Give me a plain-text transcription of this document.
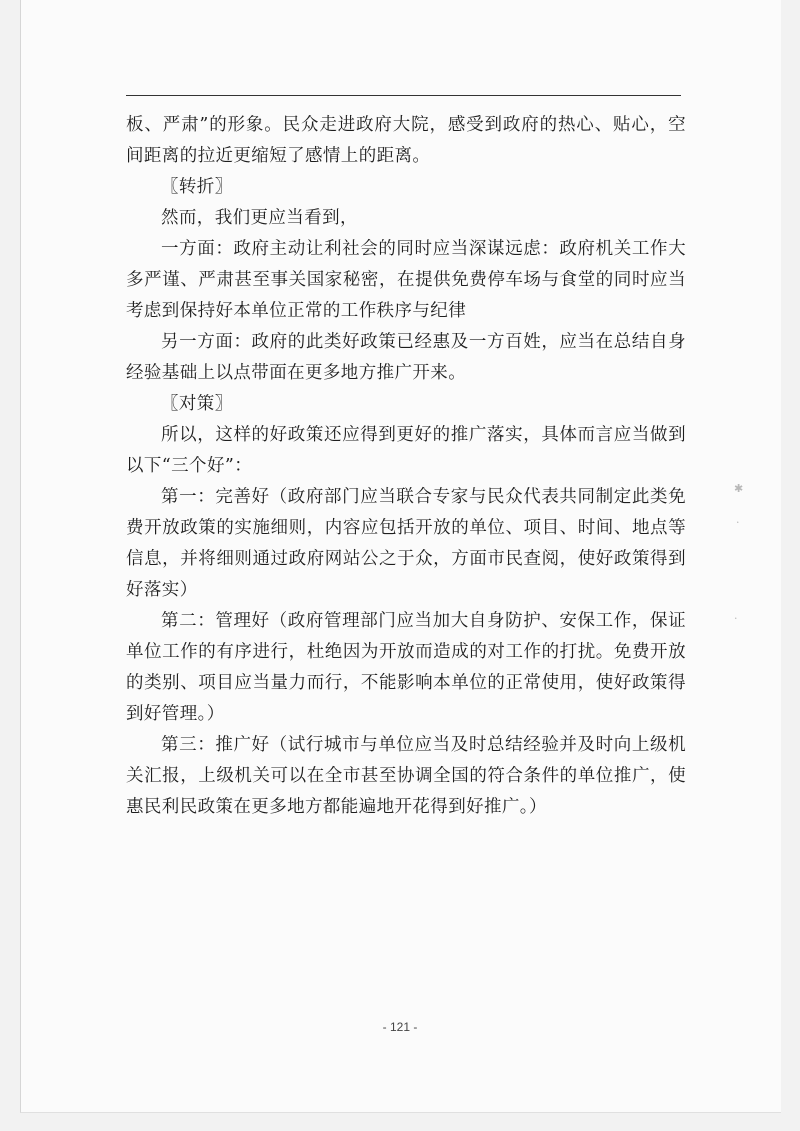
板、严肃”的形象。民众走进政府大院，感受到政府的热心、贴心，空间距离的拉近更缩短了感情上的距离。

〖转折〗

然而，我们更应当看到，

一方面：政府主动让利社会的同时应当深谋远虑：政府机关工作大多严谨、严肃甚至事关国家秘密，在提供免费停车场与食堂的同时应当考虑到保持好本单位正常的工作秩序与纪律

另一方面：政府的此类好政策已经惠及一方百姓，应当在总结自身经验基础上以点带面在更多地方推广开来。

〖对策〗

所以，这样的好政策还应得到更好的推广落实，具体而言应当做到以下“三个好”：

第一：完善好（政府部门应当联合专家与民众代表共同制定此类免费开放政策的实施细则，内容应包括开放的单位、项目、时间、地点等信息，并将细则通过政府网站公之于众，方面市民查阅，使好政策得到好落实）

第二：管理好（政府管理部门应当加大自身防护、安保工作，保证单位工作的有序进行，杜绝因为开放而造成的对工作的打扰。免费开放的类别、项目应当量力而行，不能影响本单位的正常使用，使好政策得到好管理。）

第三：推广好（试行城市与单位应当及时总结经验并及时向上级机关汇报，上级机关可以在全市甚至协调全国的符合条件的单位推广，使惠民利民政策在更多地方都能遍地开花得到好推广。）

✱
·
·
- 121 -
